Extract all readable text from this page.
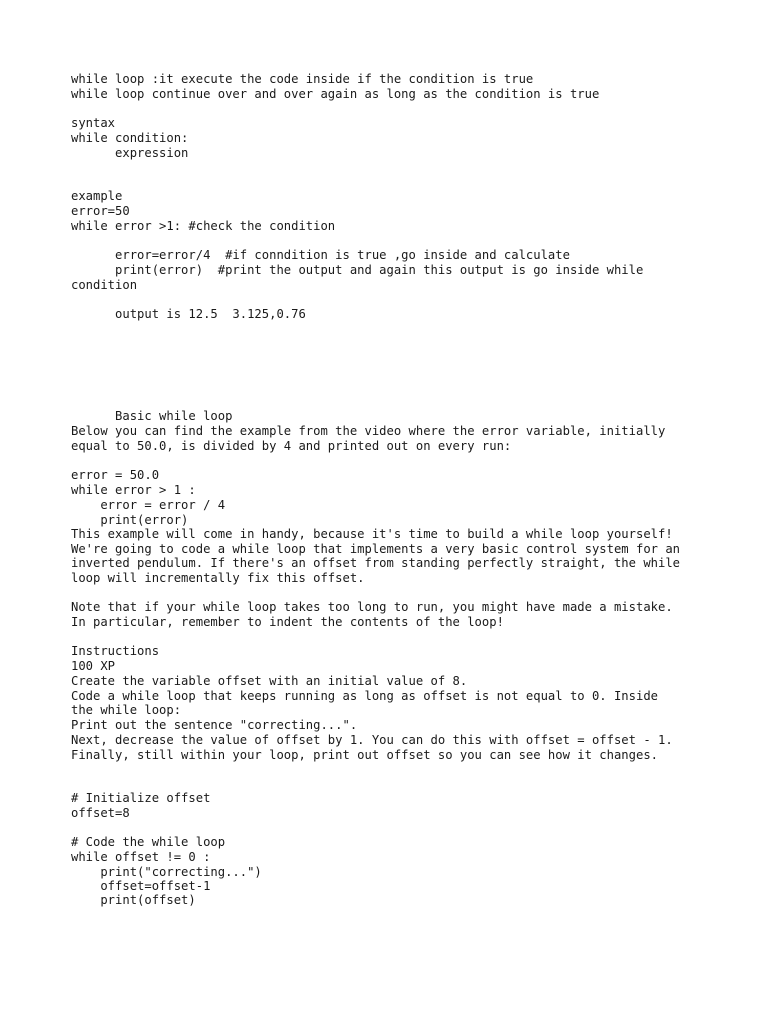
while loop :it execute the code inside if the condition is true

while loop continue over and over again as long as the condition is true

syntax

while condition:

expression

example

error=50

while error >1: #check the condition

error=error/4  #if conndition is true ,go inside and calculate

print(error)  #print the output and again this output is go inside while

condition

output is 12.5  3.125,0.76

Basic while loop

Below you can find the example from the video where the error variable, initially

equal to 50.0, is divided by 4 and printed out on every run:

error = 50.0

while error > 1 :

error = error / 4

print(error)

This example will come in handy, because it's time to build a while loop yourself!

We're going to code a while loop that implements a very basic control system for an

inverted pendulum. If there's an offset from standing perfectly straight, the while

loop will incrementally fix this offset.

Note that if your while loop takes too long to run, you might have made a mistake.

In particular, remember to indent the contents of the loop!

Instructions

100 XP

Create the variable offset with an initial value of 8.

Code a while loop that keeps running as long as offset is not equal to 0. Inside

the while loop:

Print out the sentence "correcting...".

Next, decrease the value of offset by 1. You can do this with offset = offset - 1.

Finally, still within your loop, print out offset so you can see how it changes.

# Initialize offset

offset=8

# Code the while loop

while offset != 0 :

print("correcting...")

offset=offset-1

print(offset)
